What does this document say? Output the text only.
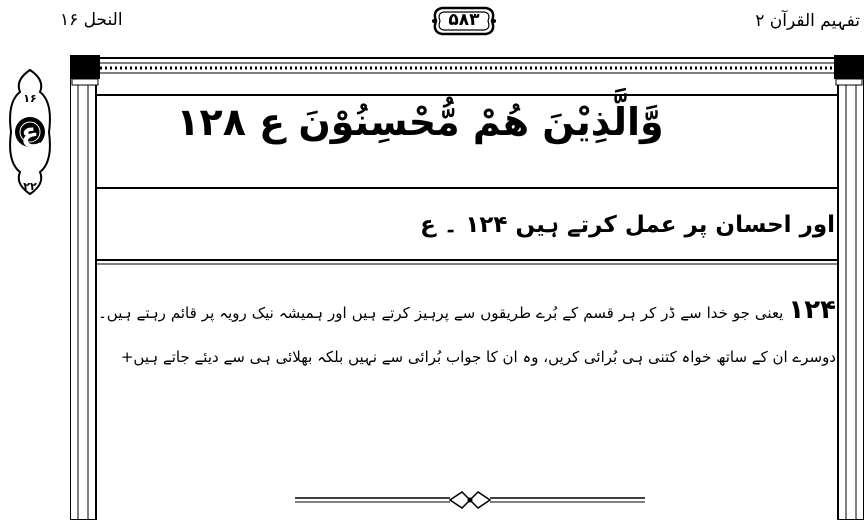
تفہیم القرآن ۲
۵۸۳
النحل ۱۶
۱۶
ع
۲۲
وَّالَّذِيْنَ هُمْ مُّحْسِنُوْنَ ع ۱۲۸
اور احسان پر عمل کرتے ہیں ۱۲۴ ۔ ع
۱۲۴ یعنی جو خدا سے ڈر کر ہر قسم کے بُرے طریقوں سے پرہیز کرتے ہیں اور ہمیشہ نیک رویہ پر قائم رہتے ہیں۔ دوسرے ان کے ساتھ خواہ کتنی ہی بُرائی کریں، وہ ان کا جواب بُرائی سے نہیں بلکہ بھلائی ہی سے دیئے جاتے ہیں+
